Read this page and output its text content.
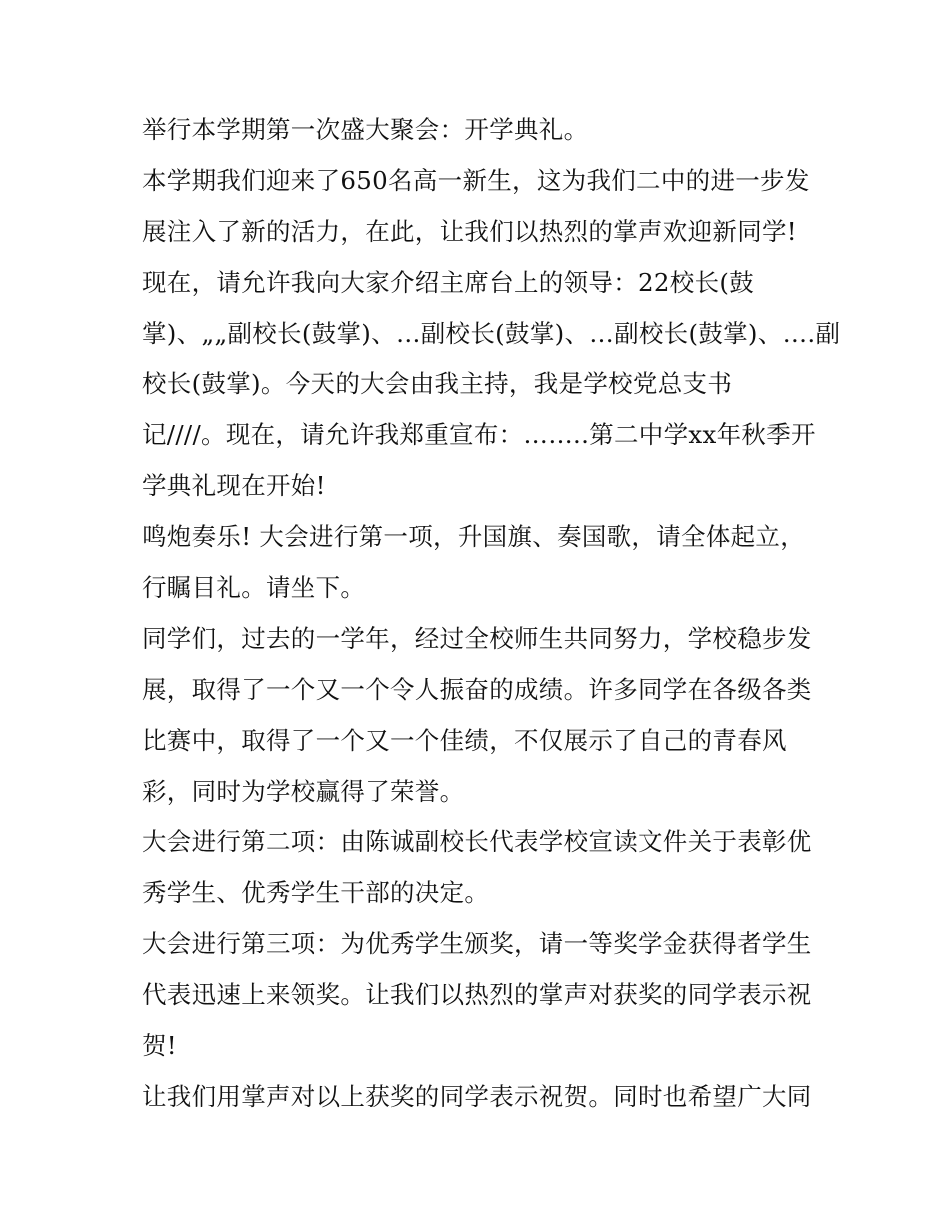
举行本学期第一次盛大聚会：开学典礼。
本学期我们迎来了650名高一新生，这为我们二中的进一步发
展注入了新的活力，在此，让我们以热烈的掌声欢迎新同学!
现在，请允许我向大家介绍主席台上的领导：22校长(鼓
掌)、„„副校长(鼓掌)、…副校长(鼓掌)、…副校长(鼓掌)、….副
校长(鼓掌)。今天的大会由我主持，我是学校党总支书
记////。现在，请允许我郑重宣布：……..第二中学xx年秋季开
学典礼现在开始!
鸣炮奏乐! 大会进行第一项，升国旗、奏国歌，请全体起立，
行瞩目礼。请坐下。
同学们，过去的一学年，经过全校师生共同努力，学校稳步发
展，取得了一个又一个令人振奋的成绩。许多同学在各级各类
比赛中，取得了一个又一个佳绩，不仅展示了自己的青春风
彩，同时为学校赢得了荣誉。
大会进行第二项：由陈诚副校长代表学校宣读文件关于表彰优
秀学生、优秀学生干部的决定。
大会进行第三项：为优秀学生颁奖，请一等奖学金获得者学生
代表迅速上来领奖。让我们以热烈的掌声对获奖的同学表示祝
贺!
让我们用掌声对以上获奖的同学表示祝贺。同时也希望广大同
